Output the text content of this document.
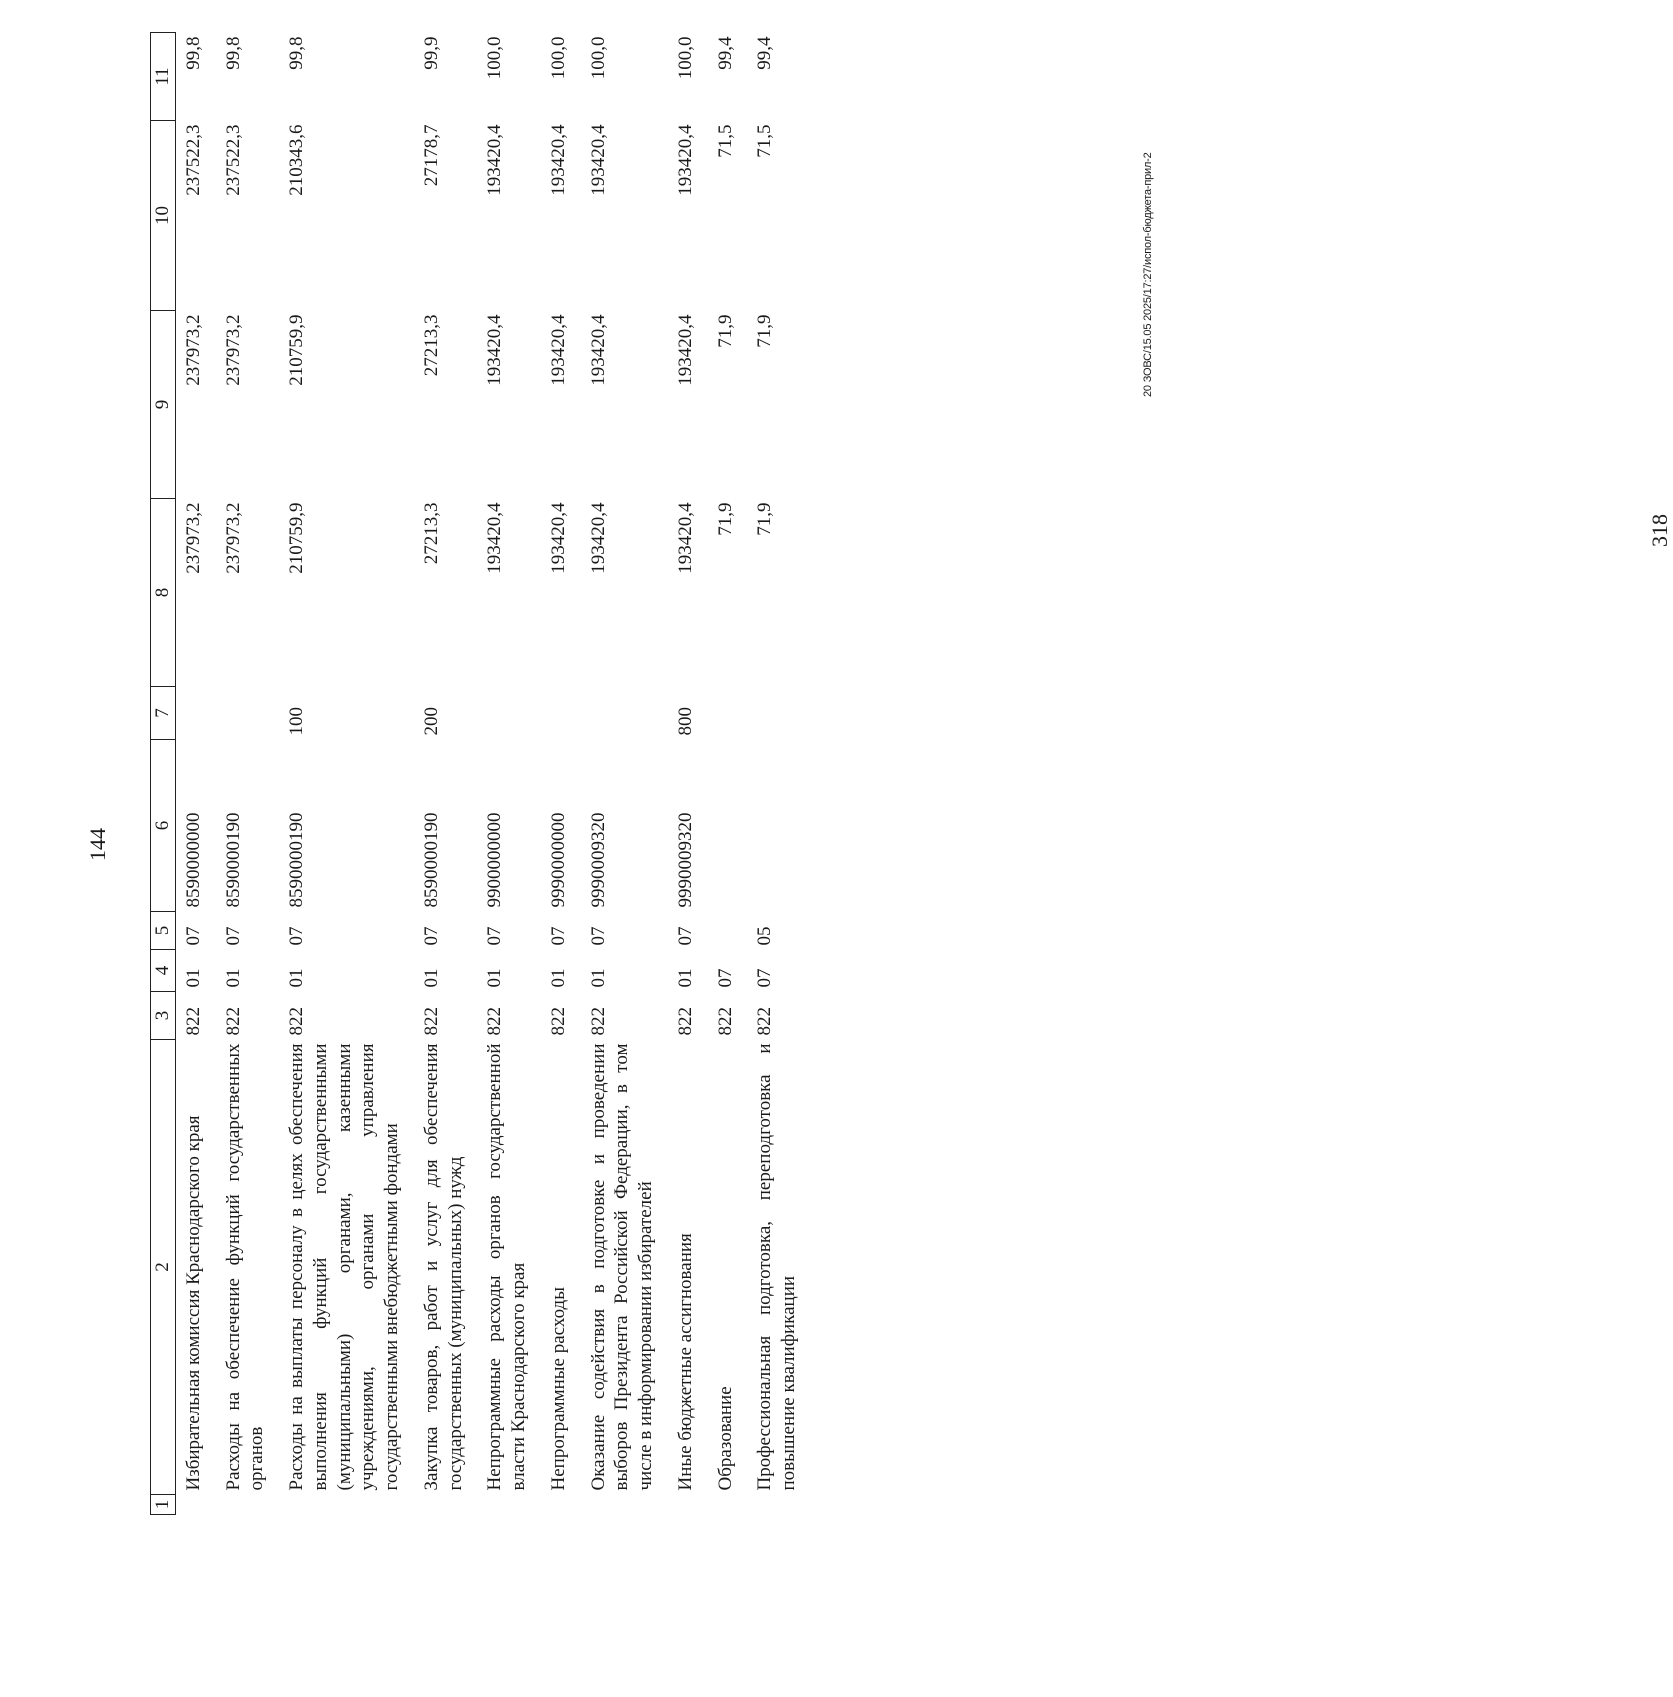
144
1	2	3	4	5	6	7	8	9	10	11
	Избирательная комиссия Краснодарского края	822	01	07	8590000000		237973,2	237973,2	237522,3	99,8
	Расходы на обеспечение функций государственных органов	822	01	07	8590000190		237973,2	237973,2	237522,3	99,8
	Расходы на выплаты персоналу в целях обеспечения выполнения функций государственными (муниципальными) органами, казенными учреждениями, органами управления государственными внебюджетными фондами	822	01	07	8590000190	100	210759,9	210759,9	210343,6	99,8
	Закупка товаров, работ и услуг для обеспечения государственных (муниципальных) нужд	822	01	07	8590000190	200	27213,3	27213,3	27178,7	99,9
	Непрограммные расходы органов государственной власти Краснодарского края	822	01	07	9900000000		193420,4	193420,4	193420,4	100,0
	Непрограммные расходы	822	01	07	9990000000		193420,4	193420,4	193420,4	100,0
	Оказание содействия в подготовке и проведении выборов Президента Российской Федерации, в том числе в информировании избирателей	822	01	07	9990009320		193420,4	193420,4	193420,4	100,0
	Иные бюджетные ассигнования	822	01	07	9990009320	800	193420,4	193420,4	193420,4	100,0
	Образование	822	07				71,9	71,9	71,5	99,4
	Профессиональная подготовка, переподготовка и повышение квалификации	822	07	05			71,9	71,9	71,5	99,4
20 ЗОВС/15.05 2025/17:27/испол-бюджета-прил-2
318
